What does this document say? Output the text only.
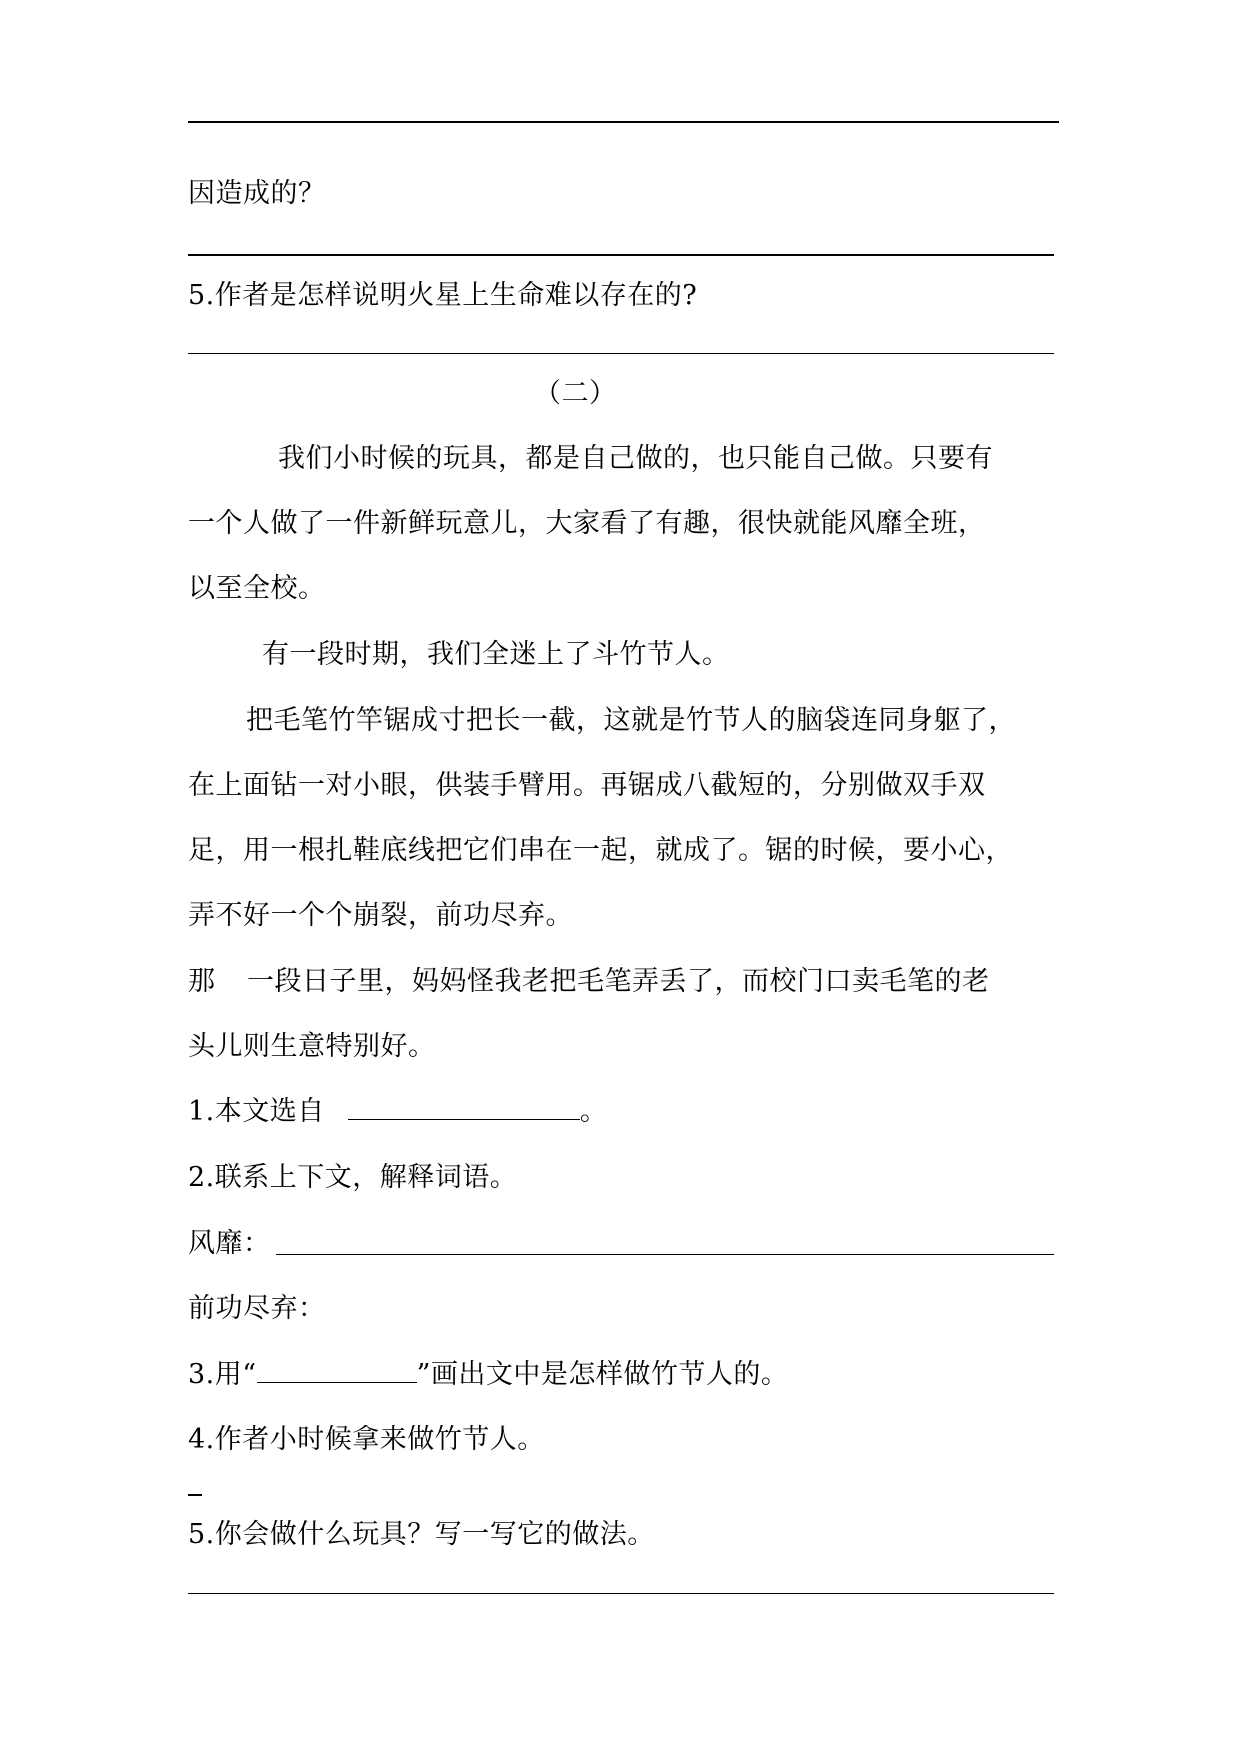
因造成的？
5.作者是怎样说明火星上生命难以存在的?
（二）
我们小时候的玩具，都是自己做的，也只能自己做。只要有
一个人做了一件新鲜玩意儿，大家看了有趣，很快就能风靡全班，
以至全校。
有一段时期，我们全迷上了斗竹节人。
把毛笔竹竿锯成寸把长一截，这就是竹节人的脑袋连同身躯了，
在上面钻一对小眼，供装手臂用。再锯成八截短的，分别做双手双
足，用一根扎鞋底线把它们串在一起，就成了。锯的时候，要小心，
弄不好一个个崩裂，前功尽弃。
那 一段日子里，妈妈怪我老把毛笔弄丢了，而校门口卖毛笔的老
头儿则生意特别好。
1.本文选自	。
2.联系上下文，解释词语。
风靡：
前功尽弃：
3.用“	”画出文中是怎样做竹节人的。
4.作者小时候拿来做竹节人。
5.你会做什么玩具？写一写它的做法。
